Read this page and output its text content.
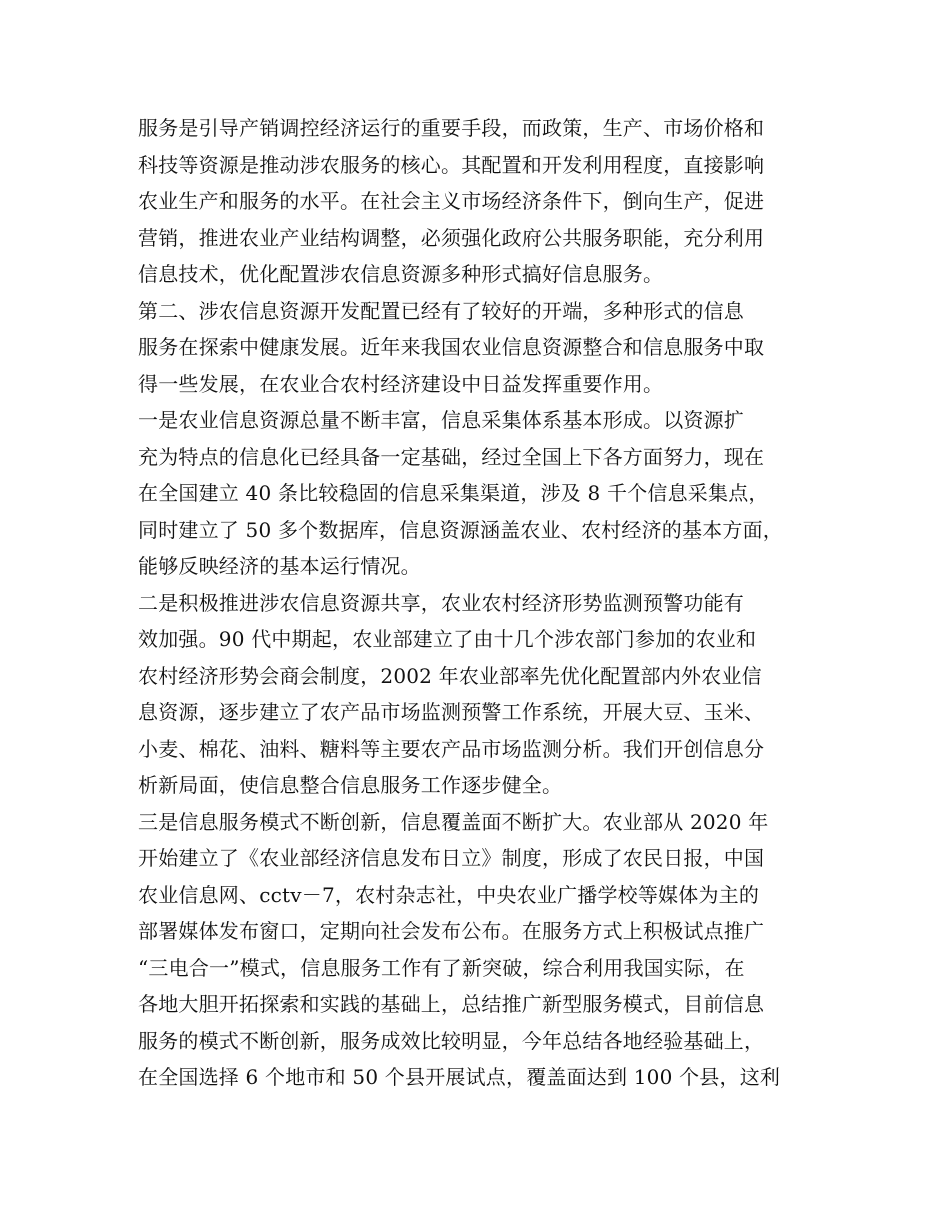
服务是引导产销调控经济运行的重要手段，而政策，生产、市场价格和
科技等资源是推动涉农服务的核心。其配置和开发利用程度，直接影响
农业生产和服务的水平。在社会主义市场经济条件下，倒向生产，促进
营销，推进农业产业结构调整，必须强化政府公共服务职能，充分利用
信息技术，优化配置涉农信息资源多种形式搞好信息服务。
第二、涉农信息资源开发配置已经有了较好的开端，多种形式的信息
服务在探索中健康发展。近年来我国农业信息资源整合和信息服务中取
得一些发展，在农业合农村经济建设中日益发挥重要作用。
一是农业信息资源总量不断丰富，信息采集体系基本形成。以资源扩
充为特点的信息化已经具备一定基础，经过全国上下各方面努力，现在
在全国建立 40 条比较稳固的信息采集渠道，涉及 8 千个信息采集点，
同时建立了 50 多个数据库，信息资源涵盖农业、农村经济的基本方面，
能够反映经济的基本运行情况。
二是积极推进涉农信息资源共享，农业农村经济形势监测预警功能有
效加强。90 代中期起，农业部建立了由十几个涉农部门参加的农业和
农村经济形势会商会制度，2002 年农业部率先优化配置部内外农业信
息资源，逐步建立了农产品市场监测预警工作系统，开展大豆、玉米、
小麦、棉花、油料、糖料等主要农产品市场监测分析。我们开创信息分
析新局面，使信息整合信息服务工作逐步健全。
三是信息服务模式不断创新，信息覆盖面不断扩大。农业部从 2020 年
开始建立了《农业部经济信息发布日立》制度，形成了农民日报，中国
农业信息网、cctv－7，农村杂志社，中央农业广播学校等媒体为主的
部署媒体发布窗口，定期向社会发布公布。在服务方式上积极试点推广
“三电合一”模式，信息服务工作有了新突破，综合利用我国实际，在
各地大胆开拓探索和实践的基础上，总结推广新型服务模式，目前信息
服务的模式不断创新，服务成效比较明显，今年总结各地经验基础上，
在全国选择 6 个地市和 50 个县开展试点，覆盖面达到 100 个县，这利
